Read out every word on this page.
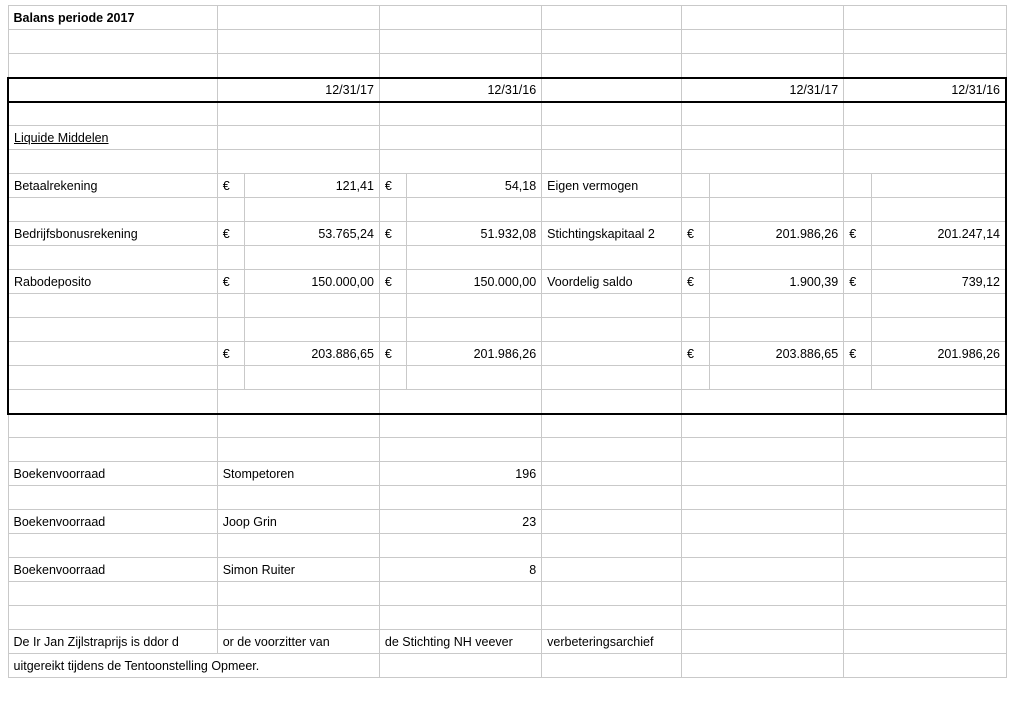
Balans periode 2017									

	12/31/17		12/31/16			12/31/17		12/31/16	

Liquide Middelen									

Betaalrekening	€	121,41	€	54,18	Eigen vermogen				

Bedrijfsbonusrekening	€	53.765,24	€	51.932,08	Stichtingskapitaal 2	€	201.986,26	€	201.247,14

Rabodeposito	€	150.000,00	€	150.000,00	Voordelig saldo	€	1.900,39	€	739,12

	€	203.886,65	€	201.986,26		€	203.886,65	€	201.986,26

Boekenvoorraad	Stompetoren		196						

Boekenvoorraad	Joop Grin		23						

Boekenvoorraad	Simon Ruiter		8						

De Ir Jan Zijlstraprijs is ddor d	or de voorzitter van		de Stichting NH veever		verbeteringsarchief				
uitgereikt tijdens de Tentoonstelling Opmeer.									
